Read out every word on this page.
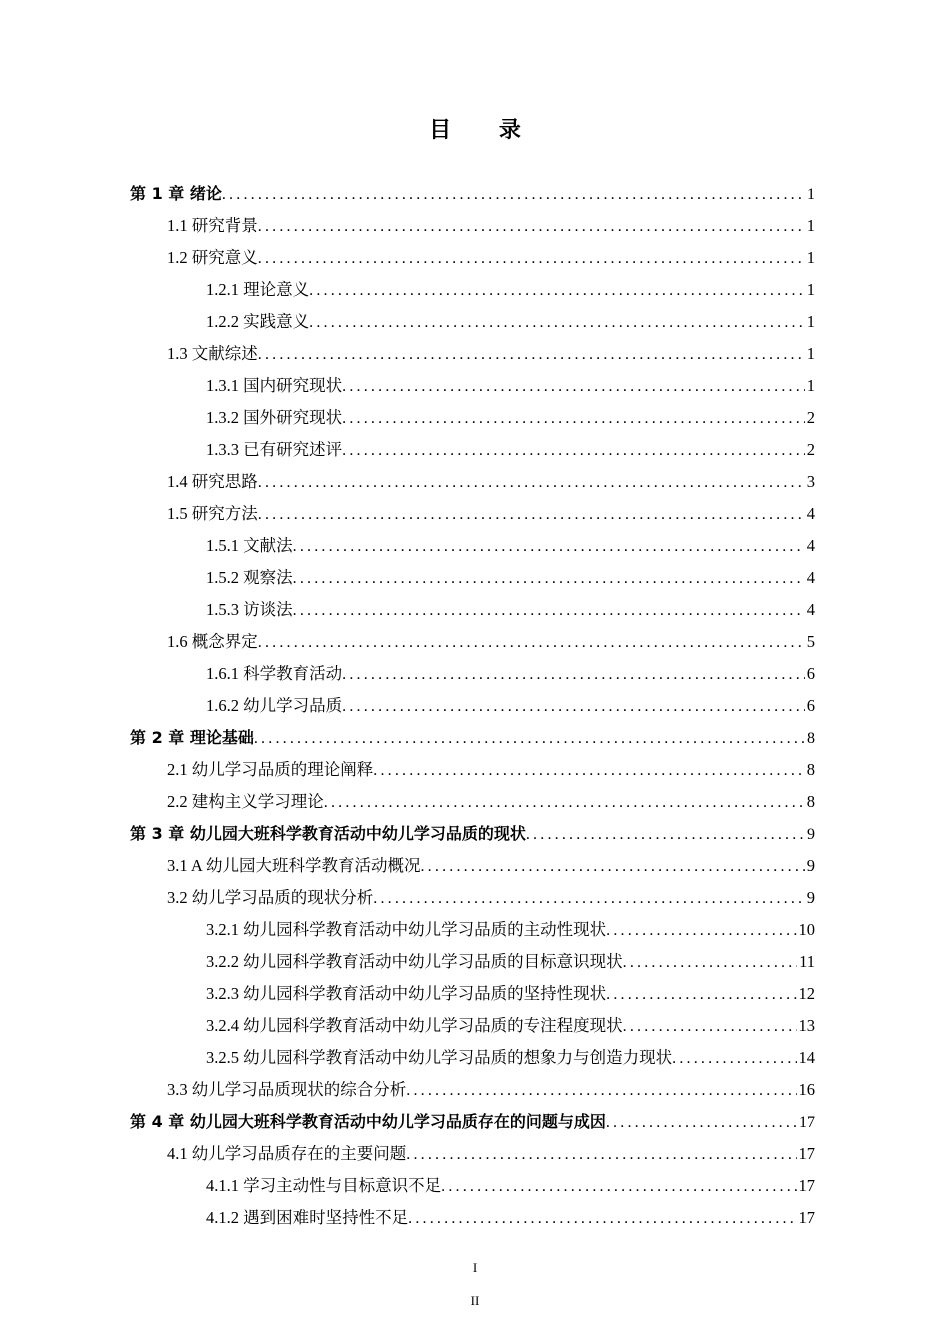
目 录
第 1 章 绪论 .....	1
1.1 研究背景 .....	1
1.2 研究意义 .....	1
1.2.1 理论意义 .....	1
1.2.2 实践意义 .....	1
1.3 文献综述 .....	1
1.3.1 国内研究现状 .....	1
1.3.2 国外研究现状 .....	2
1.3.3 已有研究述评 .....	2
1.4 研究思路 .....	3
1.5 研究方法 .....	4
1.5.1 文献法 .....	4
1.5.2 观察法 .....	4
1.5.3 访谈法 .....	4
1.6 概念界定 .....	5
1.6.1 科学教育活动 .....	6
1.6.2 幼儿学习品质 .....	6
第 2 章 理论基础 .....	8
2.1 幼儿学习品质的理论阐释 .....	8
2.2 建构主义学习理论 .....	8
第 3 章 幼儿园大班科学教育活动中幼儿学习品质的现状 .....	9
3.1 A 幼儿园大班科学教育活动概况 .....	9
3.2 幼儿学习品质的现状分析 .....	9
3.2.1 幼儿园科学教育活动中幼儿学习品质的主动性现状 .....	10
3.2.2 幼儿园科学教育活动中幼儿学习品质的目标意识现状 .....	11
3.2.3 幼儿园科学教育活动中幼儿学习品质的坚持性现状 .....	12
3.2.4 幼儿园科学教育活动中幼儿学习品质的专注程度现状 .....	13
3.2.5 幼儿园科学教育活动中幼儿学习品质的想象力与创造力现状 .....	14
3.3 幼儿学习品质现状的综合分析 .....	16
第 4 章 幼儿园大班科学教育活动中幼儿学习品质存在的问题与成因 .....	17
4.1 幼儿学习品质存在的主要问题 .....	17
4.1.1 学习主动性与目标意识不足 .....	17
4.1.2 遇到困难时坚持性不足 .....	17
I
II
